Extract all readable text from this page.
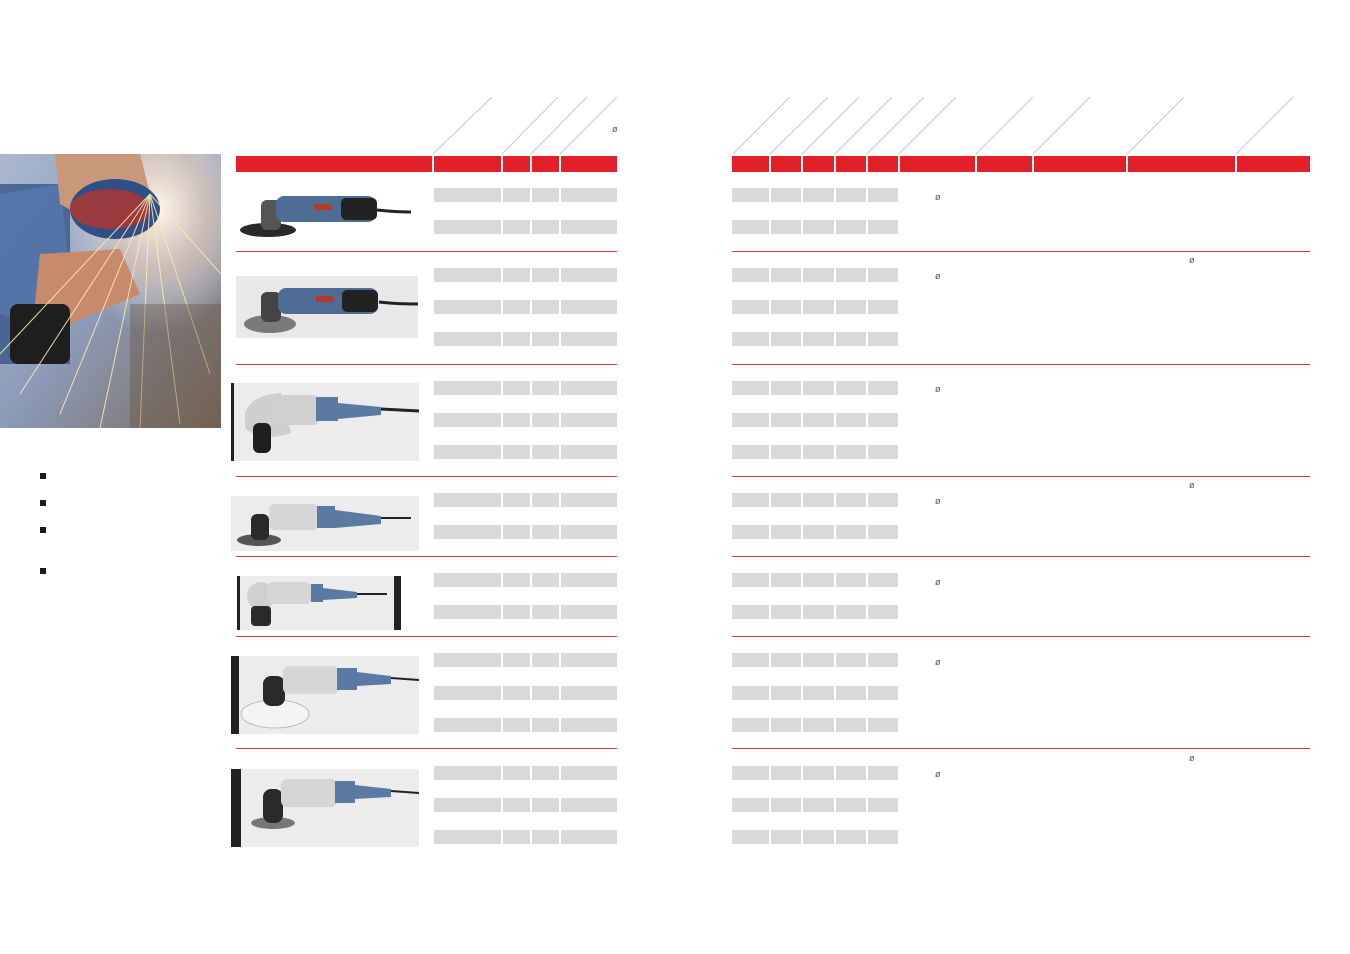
ø
ø
ø
ø
ø
ø
ø
ø
ø
ø
ø
